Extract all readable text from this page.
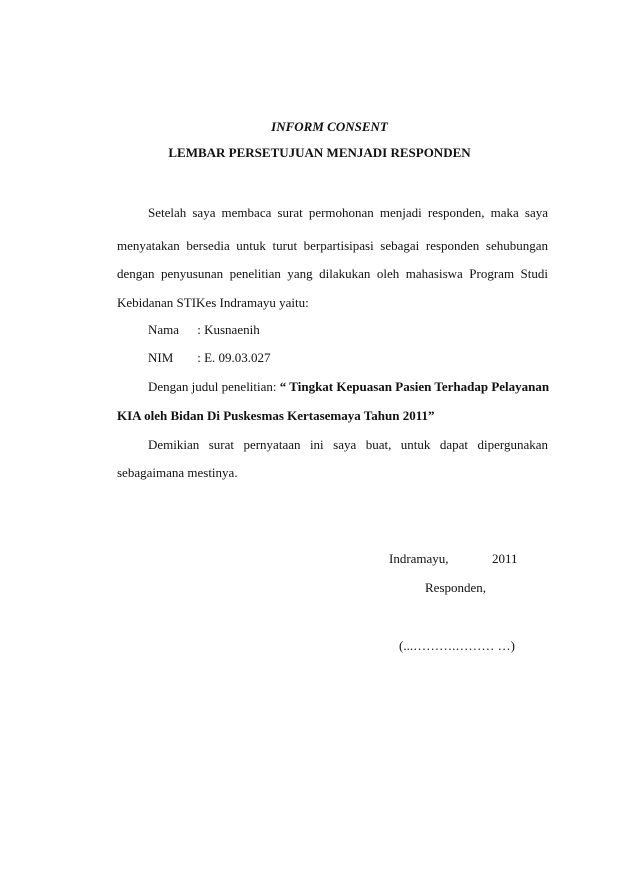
INFORM CONSENT
LEMBAR PERSETUJUAN MENJADI RESPONDEN
Setelah saya membaca surat permohonan menjadi responden, maka saya
menyatakan bersedia untuk turut berpartisipasi sebagai responden sehubungan
dengan penyusunan penelitian yang dilakukan oleh mahasiswa Program Studi
Kebidanan STIKes Indramayu yaitu:
Nama : Kusnaenih
NIM : E. 09.03.027
Dengan judul penelitian: “ Tingkat Kepuasan Pasien Terhadap Pelayanan
KIA oleh Bidan Di Puskesmas Kertasemaya Tahun 2011”
Demikian surat pernyataan ini saya buat, untuk dapat dipergunakan
sebagaimana mestinya.
Indramayu,	2011
Responden,
(...……….……… …)
